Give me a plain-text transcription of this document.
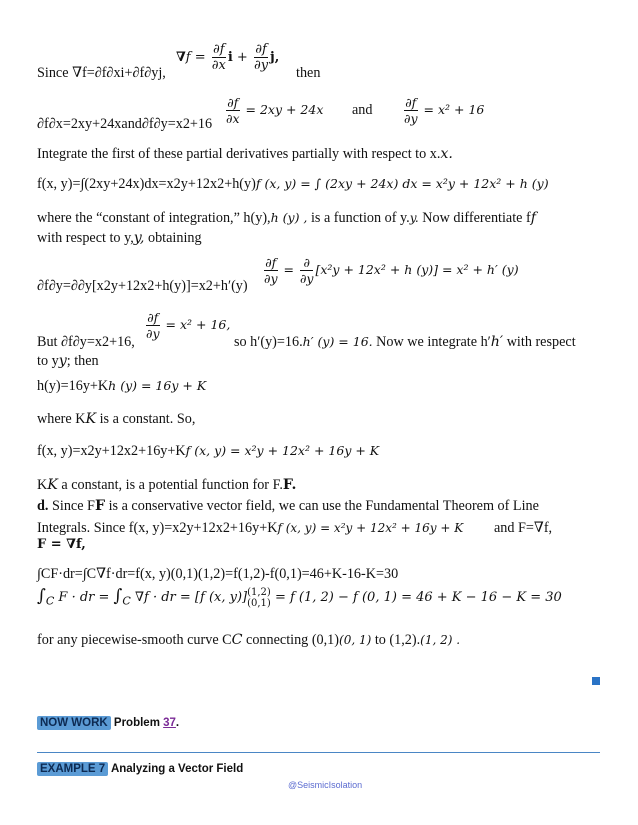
$\nabla f = \frac{\partial f}{\partial x}$ $i + \frac{\partial f}{\partial y} j$,
Since ∇f=∂f∂xi+∂f∂yj,	then
$\frac{\partial f}{\partial x} = 2xy + 24x$ and	$\frac{\partial f}{\partial y} = x^2 + 16$
∂f∂x=2xy+24xand∂f∂y=x2+16
Integrate the first of these partial derivatives partially with respect to x.x.
f(x, y)=∫(2xy+24x)dx=x2y+12x2+h(y)f (x, y) = ∫ (2xy + 24x) dx = x²y + 12x² + h (y)
where the “constant of integration,” h(y),h (y) , is a function of y.y. Now differentiate ff
with respect to y,y, obtaining
$\frac{\partial f}{\partial y}$ = ∂
∂y
[x²y + 12x² + h (y)] = x² + h′ (y)
∂f∂y=∂∂y[x2y+12x2+h(y)]=x2+h′(y)
$\frac{\partial f}{\partial y} = x^2 + 16$,
But ∂f∂y=x2+16,	so h′(y)=16.h′ (y) = 16. Now we integrate h′h′ with respect
to yy; then
h(y)=16y+Kh (y) = 16y + K
where KK is a constant. So,
f(x, y)=x2y+12x2+16y+Kf (x, y) = x²y + 12x² + 16y + K
KK a constant, is a potential function for F.F.
d. Since FF is a conservative vector field, we can use the Fundamental Theorem of Line
Integrals. Since f(x, y)=x2y+12x2+16y+Kf (x, y) = x²y + 12x² + 16y + K and F=∇f,
F = ∇f,
∫CF·dr=∫C∇f·dr=f(x, y)(0,1)(1,2)=f(1,2)-f(0,1)=46+K-16-K=30
$\int_C$ F · dr = $\int_C$ ∇f · dr = [f (x, y)] (1,2)
(0,1) = f (1, 2) − f (0, 1) = 46 + K − 16 − K = 30
for any piecewise-smooth curve CC connecting (0,1)(0, 1) to (1,2).(1, 2) .
NOW WORK Problem 37.
EXAMPLE 7 Analyzing a Vector Field
@SeismicIsolation
